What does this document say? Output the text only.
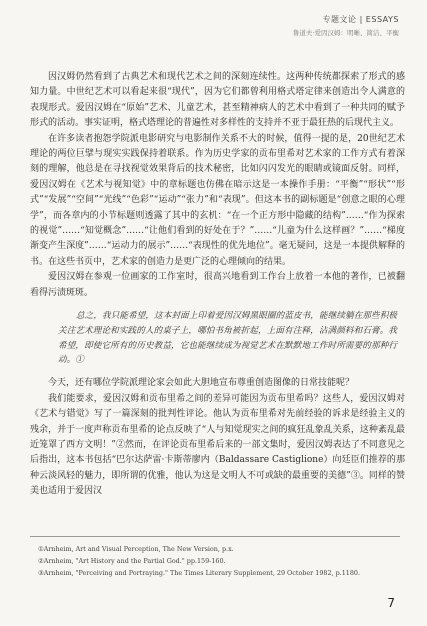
专题文论 | ESSAYS
鲁道夫·爱因汉姆：明晰、简洁、平衡

因汉姆仍然看到了古典艺术和现代艺术之间的深刻连续性。这两种传统都探索了形式的感知力量。中世纪艺术可以看起来很“现代”，因为它们都曾利用格式塔定律来创造出令人满意的表现形式。爱因汉姆在“原始”艺术、儿童艺术，甚至精神病人的艺术中看到了一种共同的赋予形式的活动。事实证明，格式塔理论的普遍性对多样性的支持并不亚于最狂热的后现代主义。

在许多读者抱怨学院派电影研究与电影制作关系不大的时候，值得一提的是，20世纪艺术理论的两位巨擘与现实实践保持着联系。作为历史学家的贡布里希对艺术家的工作方式有着深刻的理解，他总是在寻找视觉效果背后的技术秘密，比如闪闪发光的眼睛或镜面反射。同样，爱因汉姆在《艺术与视知觉》中的章标题也仿佛在暗示这是一本操作手册：“平衡”“形状”“形式”“发展”“空间”“光线”“色彩”“运动”“张力”和“表现”。但这本书的副标题是“创意之眼的心理学”，而各章内的小节标题则透露了其中的玄机：“在一个正方形中隐藏的结构”……“作为探索的视觉”……“知觉概念”……“让他们看到的好处在于？”……“儿童为什么这样画？”……“梯度渐变产生深度”……“运动力的展示”……“表现性的优先地位”。毫无疑问，这是一本提供解释的书。在这些书页中，艺术家的创造力是更广泛的心理倾向的结果。

爱因汉姆在参观一位画家的工作室时，很高兴地看到工作台上放着一本他的著作，已被翻看得污渍斑斑。

总之，我只能希望，这本封面上印着爱因汉姆黑眼圈的蓝皮书，能继续躺在那些积极关注艺术理论和实践的人的桌子上，哪怕书角被折起，上面有注释，沾满颜料和石膏。我希望，即使它所有的历史教益，它也能继续成为视觉艺术在默默地工作时所需要的那种行动。①

今天，还有哪位学院派理论家会如此大胆地宣布尊重创造图像的日常技能呢？

我们能要求，爱因汉姆和贡布里希之间的差异可能因为贡布里希吗？这些人，爱因汉姆对《艺术与错觉》写了一篇深刻的批判性评论。他认为贡布里希对先前经验的诉求是经验主义的残余，并于一度声称贡布里希的论点反映了“人与知觉现实之间的疯狂乱象乱关系，这种紊乱最近笼罩了西方文明！”②然而，在评论贡布里希后来的一部文集时，爱因汉姆表达了不同意见之后指出，这本书包括“巴尔达萨雷·卡斯蒂廖内（Baldassare Castiglione）向廷臣们推荐的那种云淡风轻的魅力，即所谓的优雅，他认为这是文明人不可或缺的最重要的美德”③。同样的赞美也适用于爱因汉

①Arnheim, Art and Visual Perception, The New Version, p.x.

②Arnheim, "Art History and the Partial God." pp.159-160.

③Arnheim, "Perceiving and Portraying." The Times Literary Supplement, 29 October 1982, p.1180.

7
